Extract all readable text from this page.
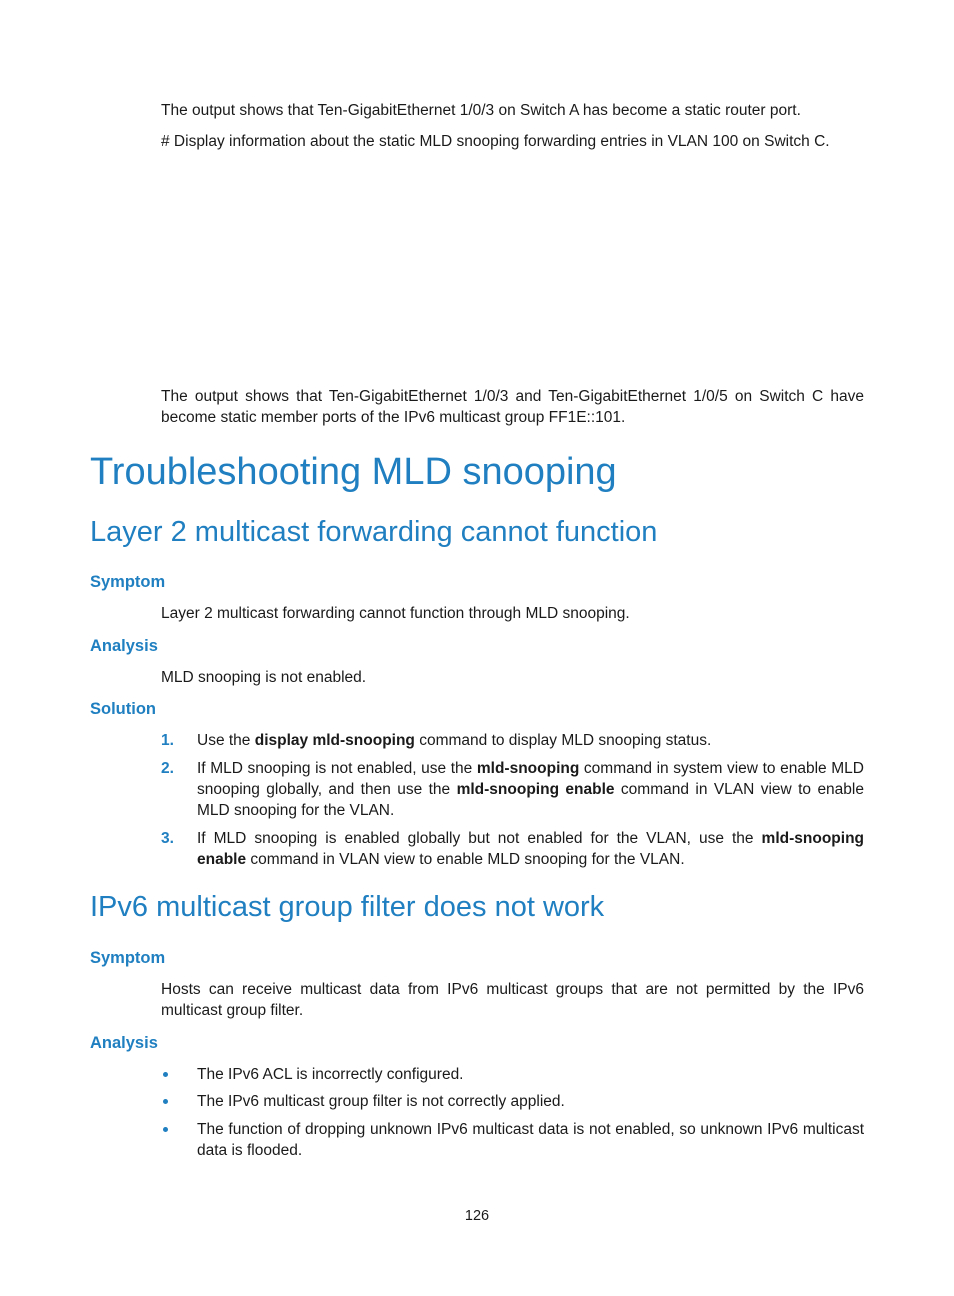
The output shows that Ten-GigabitEthernet 1/0/3 on Switch A has become a static router port.

# Display information about the static MLD snooping forwarding entries in VLAN 100 on Switch C.

The output shows that Ten-GigabitEthernet 1/0/3 and Ten-GigabitEthernet 1/0/5 on Switch C have become static member ports of the IPv6 multicast group FF1E::101.

Troubleshooting MLD snooping
Layer 2 multicast forwarding cannot function
Symptom

Layer 2 multicast forwarding cannot function through MLD snooping.

Analysis

MLD snooping is not enabled.

Solution
1. Use the display mld-snooping command to display MLD snooping status.
2. If MLD snooping is not enabled, use the mld-snooping command in system view to enable MLD snooping globally, and then use the mld-snooping enable command in VLAN view to enable MLD snooping for the VLAN.
3. If MLD snooping is enabled globally but not enabled for the VLAN, use the mld-snooping enable command in VLAN view to enable MLD snooping for the VLAN.
IPv6 multicast group filter does not work
Symptom

Hosts can receive multicast data from IPv6 multicast groups that are not permitted by the IPv6 multicast group filter.

Analysis
The IPv6 ACL is incorrectly configured.
The IPv6 multicast group filter is not correctly applied.
The function of dropping unknown IPv6 multicast data is not enabled, so unknown IPv6 multicast data is flooded.
126
